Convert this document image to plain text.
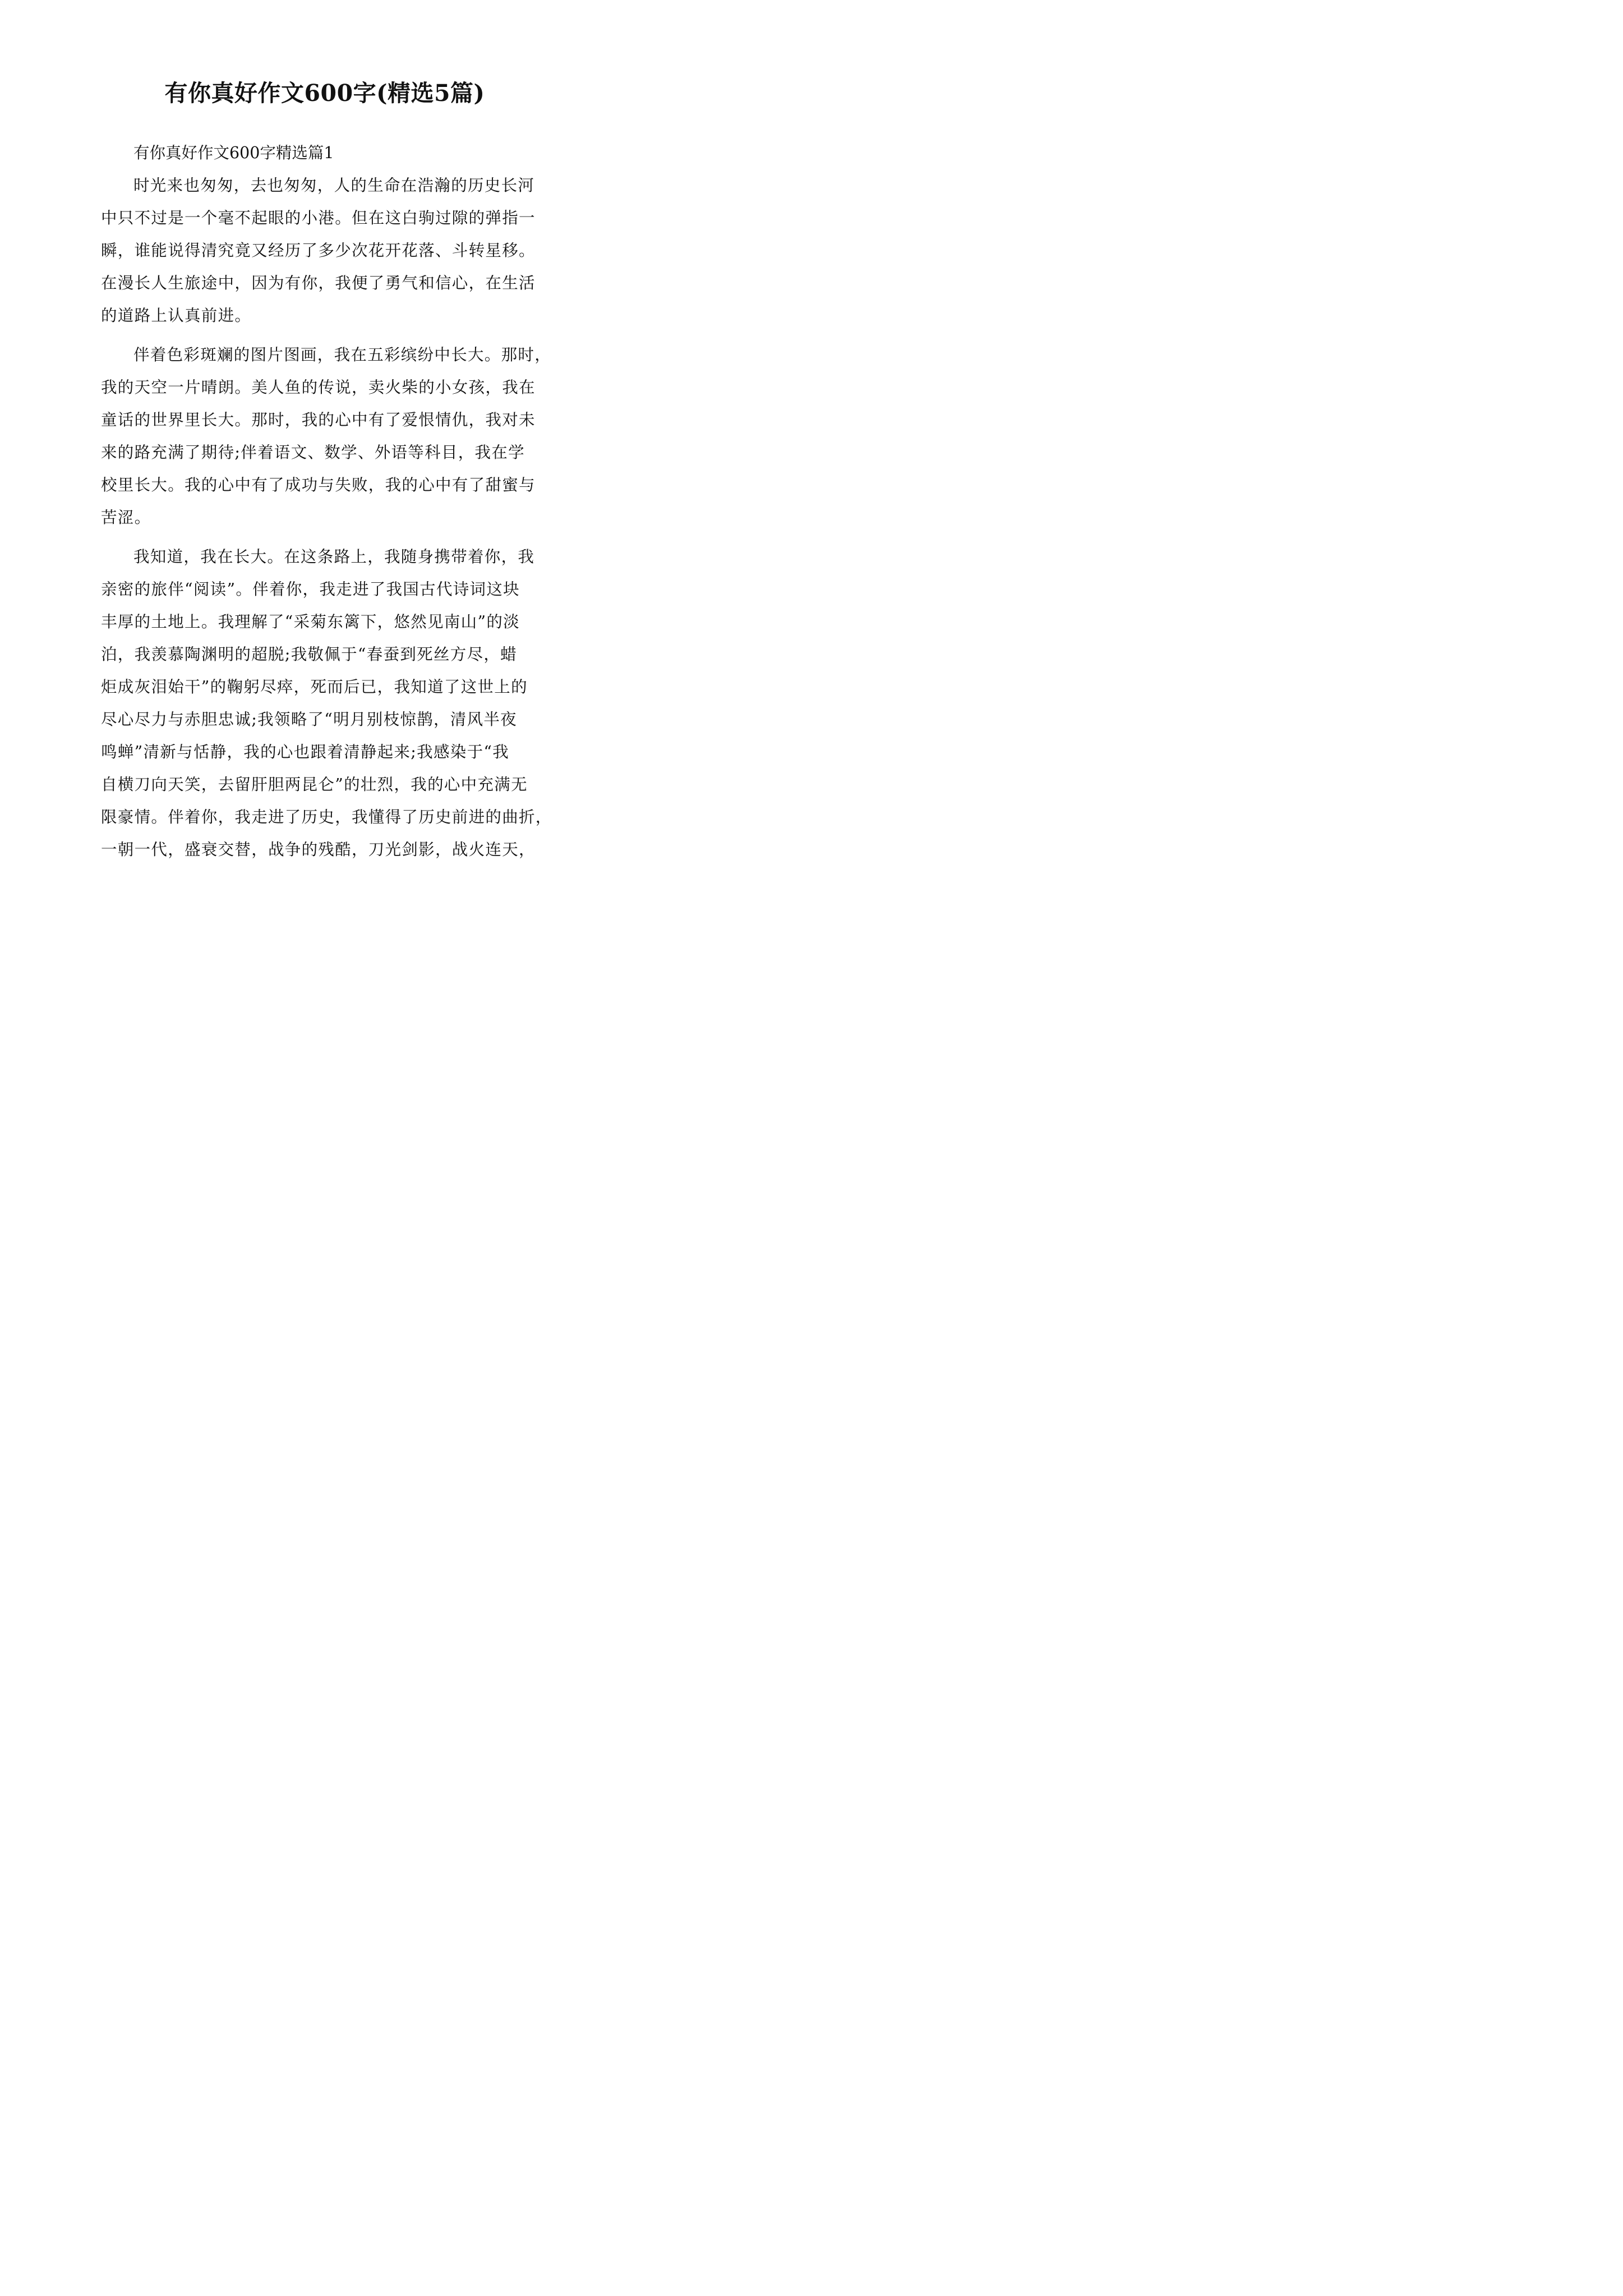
有你真好作文600字(精选5篇)

有你真好作文600字精选篇1

时光来也匆匆，去也匆匆，人的生命在浩瀚的历史长河
中只不过是一个毫不起眼的小港。但在这白驹过隙的弹指一
瞬，谁能说得清究竟又经历了多少次花开花落、斗转星移。
在漫长人生旅途中，因为有你，我便了勇气和信心，在生活
的道路上认真前进。

伴着色彩斑斓的图片图画，我在五彩缤纷中长大。那时，
我的天空一片晴朗。美人鱼的传说，卖火柴的小女孩，我在
童话的世界里长大。那时，我的心中有了爱恨情仇，我对未
来的路充满了期待;伴着语文、数学、外语等科目，我在学
校里长大。我的心中有了成功与失败，我的心中有了甜蜜与
苦涩。

我知道，我在长大。在这条路上，我随身携带着你，我
亲密的旅伴“阅读”。伴着你，我走进了我国古代诗词这块
丰厚的土地上。我理解了“采菊东篱下，悠然见南山”的淡
泊，我羡慕陶渊明的超脱;我敬佩于“春蚕到死丝方尽，蜡
炬成灰泪始干”的鞠躬尽瘁，死而后已，我知道了这世上的
尽心尽力与赤胆忠诚;我领略了“明月别枝惊鹊，清风半夜
鸣蝉”清新与恬静，我的心也跟着清静起来;我感染于“我
自横刀向天笑，去留肝胆两昆仑”的壮烈，我的心中充满无
限豪情。伴着你，我走进了历史，我懂得了历史前进的曲折，
一朝一代，盛衰交替，战争的残酷，刀光剑影，战火连天，
